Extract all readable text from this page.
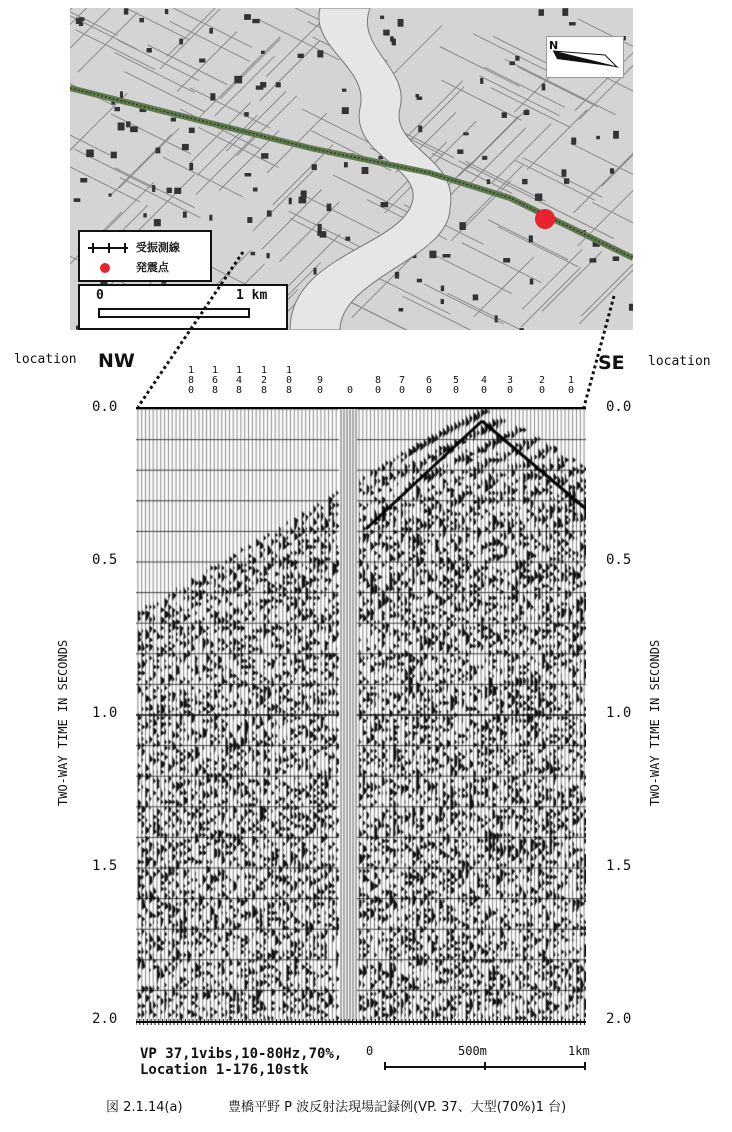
受振測線
発震点
0	1 km
N
location	location
NW	SE
1
8
0
1
6
8
1
4
8
1
2
8
1
0
8
9
0 0
8
0
7
0
6
0
5
0
4
0
3
0
2
0
1
0
0.0	0.0
0.5	0.5
1.0	1.0
1.5	1.5
2.0	2.0
TWO-WAY TIME IN SECONDS	TWO-WAY TIME IN SECONDS
VP 37,1vibs,10-80Hz,70%,
Location 1-176,10stk
0	500m	1km
図 2.1.14(a)	豊橋平野 P 波反射法現場記録例(VP. 37、大型(70%)1 台)
